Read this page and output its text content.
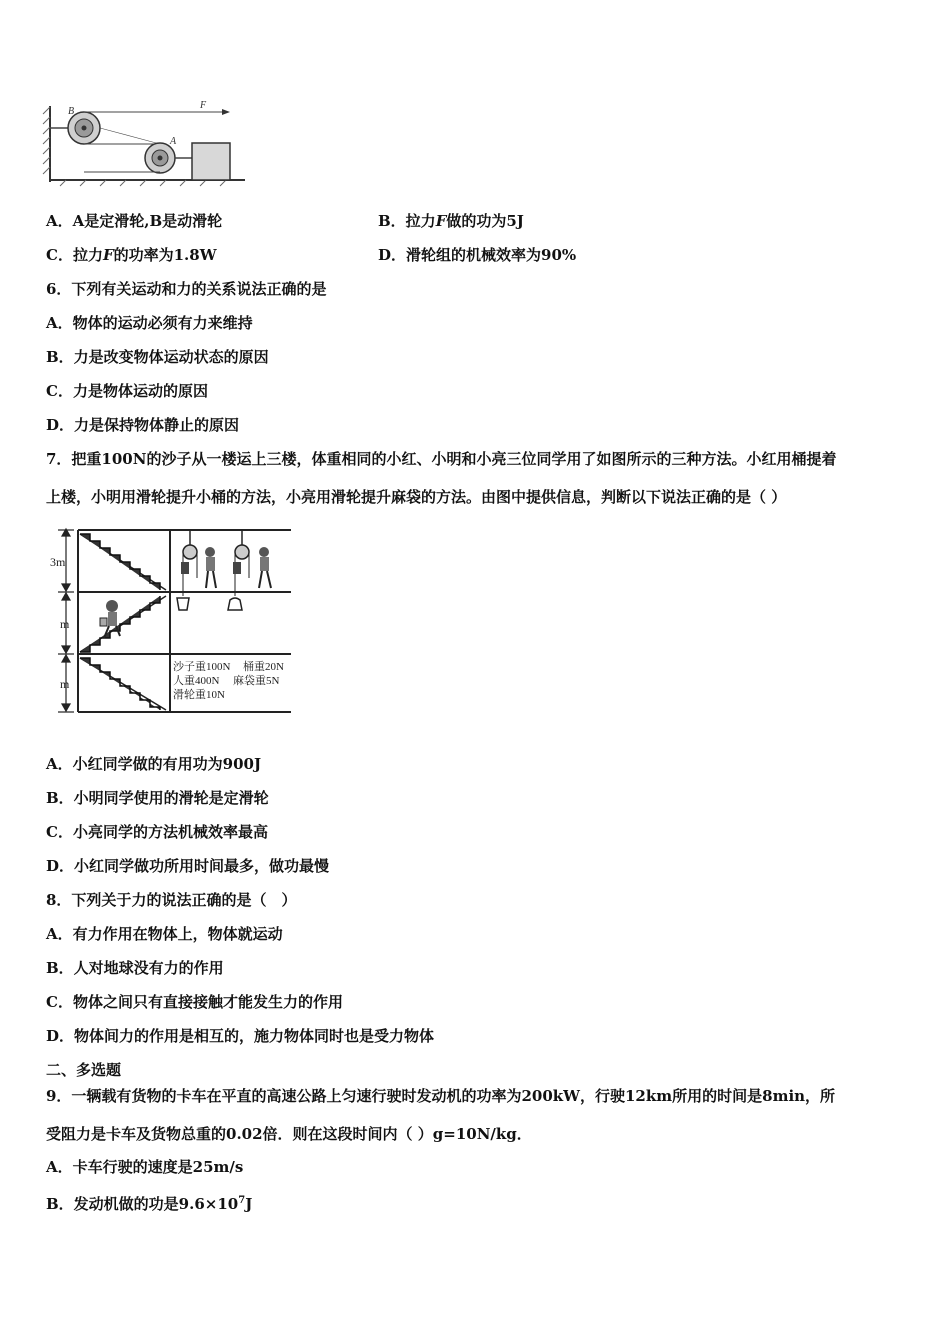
B
F
A
A．A是定滑轮,B是动滑轮	B．拉力F做的功为5J
C．拉力F的功率为1.8W	D．滑轮组的机械效率为90%
6．下列有关运动和力的关系说法正确的是
A．物体的运动必须有力来维持
B．力是改变物体运动状态的原因
C．力是物体运动的原因
D．力是保持物体静止的原因
7．把重100N的沙子从一楼运上三楼，体重相同的小红、小明和小亮三位同学用了如图所示的三种方法。小红用桶提着
上楼，小明用滑轮提升小桶的方法，小亮用滑轮提升麻袋的方法。由图中提供信息，判断以下说法正确的是（ ）
3m
m
m
沙子重100N 桶重20N
人重400N 麻袋重5N
滑轮重10N
A．小红同学做的有用功为900J
B．小明同学使用的滑轮是定滑轮
C．小亮同学的方法机械效率最高
D．小红同学做功所用时间最多，做功最慢
8．下列关于力的说法正确的是（　）
A．有力作用在物体上，物体就运动
B．人对地球没有力的作用
C．物体之间只有直接接触才能发生力的作用
D．物体间力的作用是相互的，施力物体同时也是受力物体
二、多选题
9．一辆载有货物的卡车在平直的高速公路上匀速行驶时发动机的功率为200kW，行驶12km所用的时间是8min，所
受阻力是卡车及货物总重的0.02倍．则在这段时间内（ ）g=10N/kg．
A．卡车行驶的速度是25m/s
B．发动机做的功是$9.6\times 10^7J$
